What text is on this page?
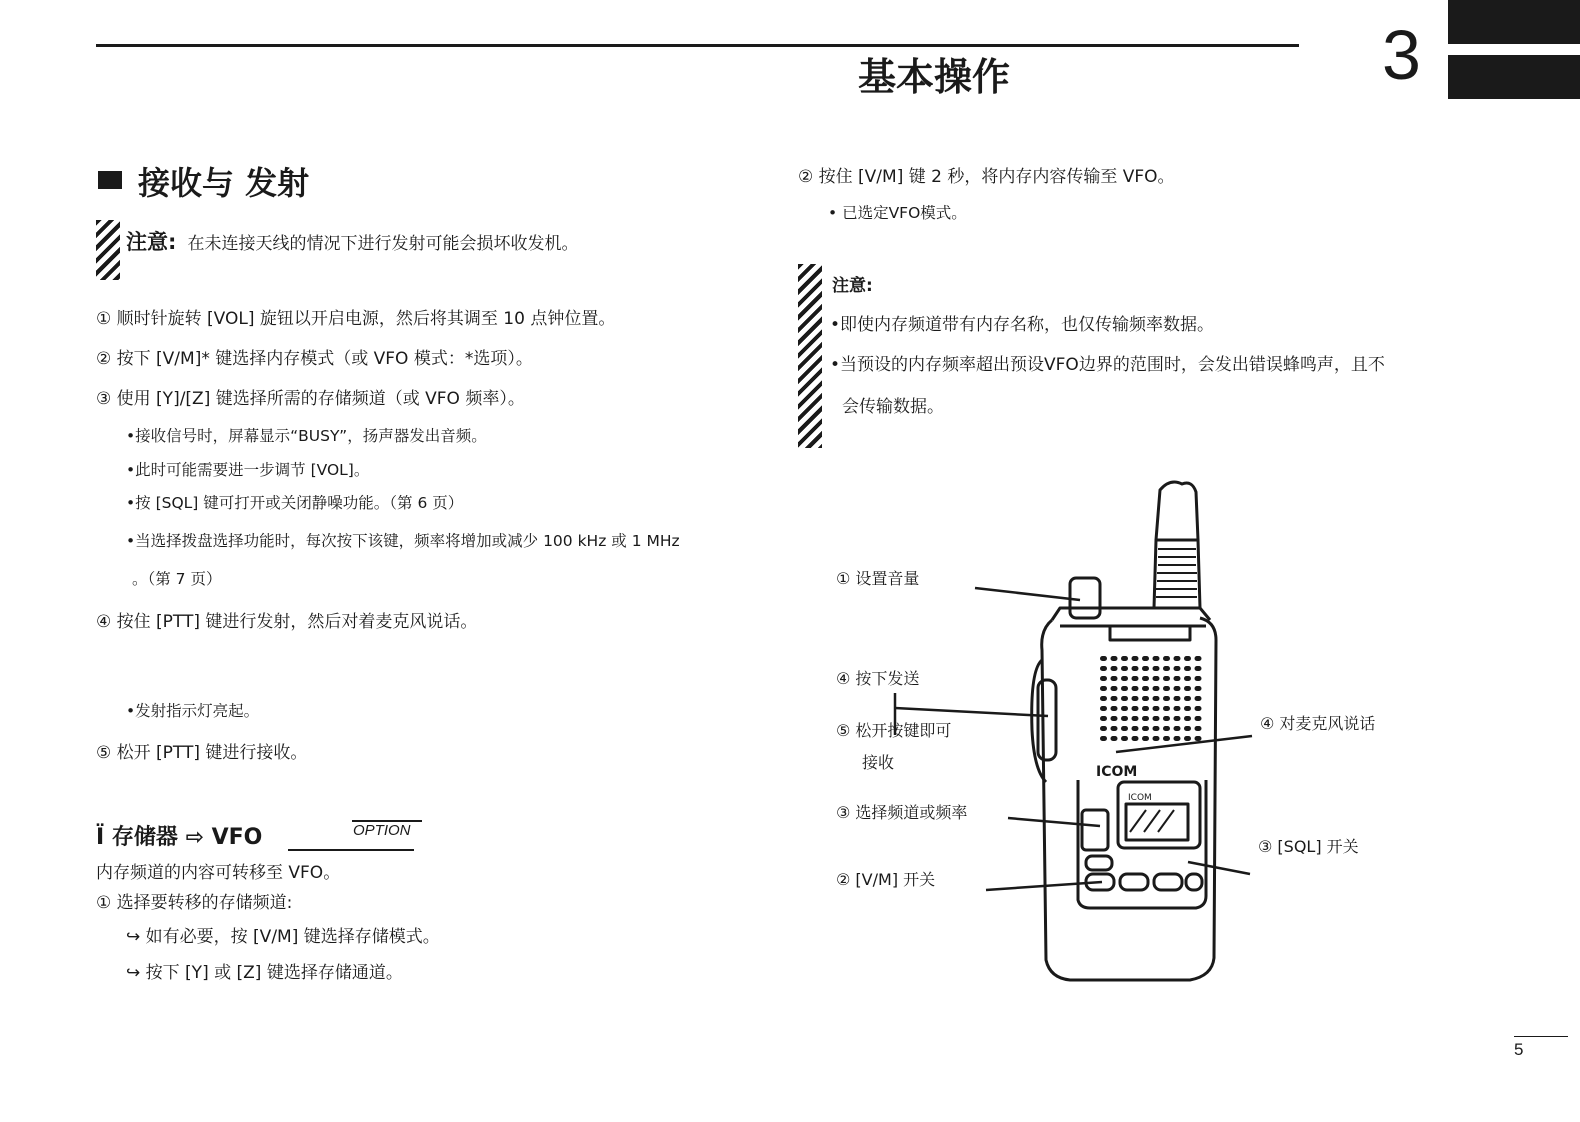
基本操作	3
接收与 发射
注意: 在未连接天线的情况下进行发射可能会损坏收发机。
① 顺时针旋转 [VOL] 旋钮以开启电源，然后将其调至 10 点钟位置。
② 按下 [V/M]* 键选择内存模式（或 VFO 模式：*选项）。
③ 使用 [Y]/[Z] 键选择所需的存储频道（或 VFO 频率）。
•接收信号时，屏幕显示“BUSY”，扬声器发出音频。
•此时可能需要进一步调节 [VOL]。
•按 [SQL] 键可打开或关闭静噪功能。（第 6 页）
•当选择拨盘选择功能时，每次按下该键，频率将增加或减少 100 kHz 或 1 MHz
。（第 7 页）
④ 按住 [PTT] 键进行发射，然后对着麦克风说话。
•发射指示灯亮起。
⑤ 松开 [PTT] 键进行接收。
Ï 存储器 ⇨ VFO	OPTION
内存频道的内容可转移至 VFO。
① 选择要转移的存储频道:
↪ 如有必要，按 [V/M] 键选择存储模式。
↪ 按下 [Y] 或 [Z] 键选择存储通道。
② 按住 [V/M] 键 2 秒，将内存内容传输至 VFO。
• 已选定VFO模式。
注意:
•即使内存频道带有内存名称，也仅传输频率数据。
•当预设的内存频率超出预设VFO边界的范围时，会发出错误蜂鸣声，且不
会传输数据。
ICOM
ICOM
① 设置音量
④ 按下发送
⑤ 松开按键即可
接收
③ 选择频道或频率
② [V/M] 开关
④ 对麦克风说话
③ [SQL] 开关
5
